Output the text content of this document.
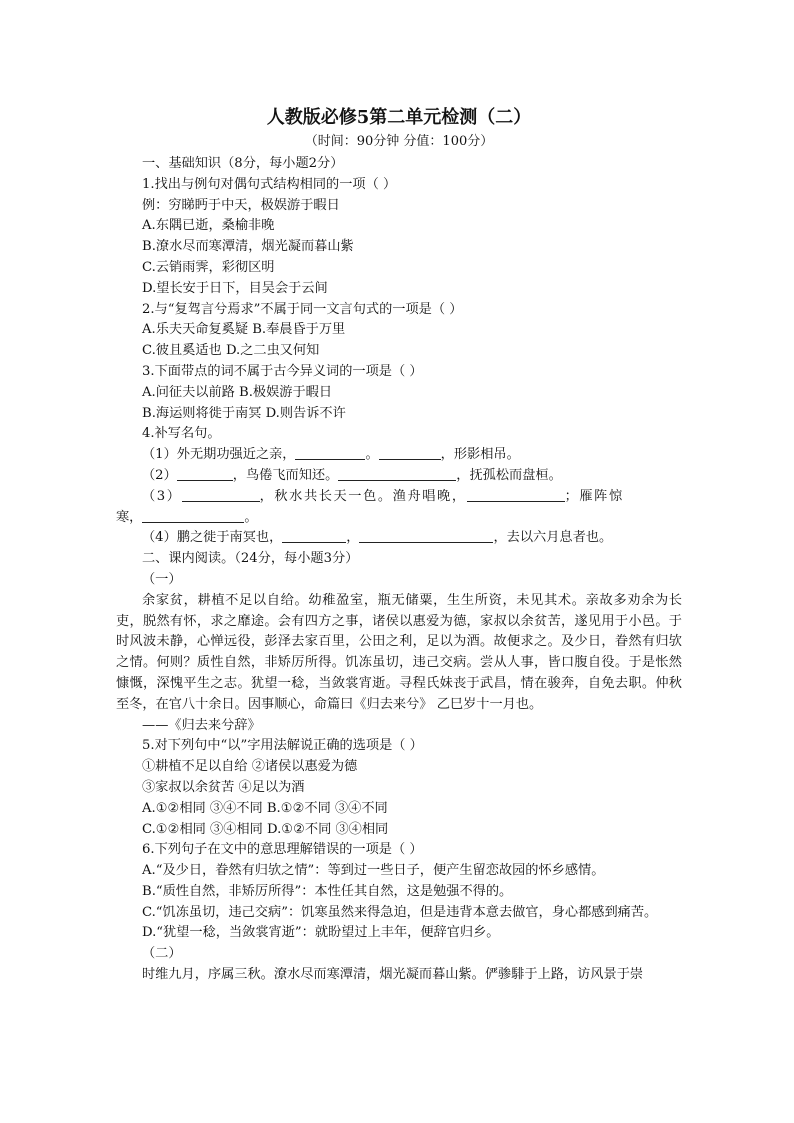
人教版必修5第二单元检测（二）
（时间：90分钟 分值：100分）
一、基础知识（8分，每小题2分）
1.找出与例句对偶句式结构相同的一项（ ）
例：穷睇眄于中天，极娱游于暇日
A.东隅已逝，桑榆非晚
B.潦水尽而寒潭清，烟光凝而暮山紫
C.云销雨霁，彩彻区明
D.望长安于日下，目吴会于云间
2.与“复驾言兮焉求”不属于同一文言句式的一项是（ ）
A.乐夫天命复奚疑 B.奉晨昏于万里
C.彼且奚适也 D.之二虫又何知
3.下面带点的词不属于古今异义词的一项是（ ）
A.问征夫以前路 B.极娱游于暇日
B.海运则将徙于南冥 D.则告诉不许
4.补写名句。
（1）外无期功强近之亲，	。	，形影相吊。
（2）	，鸟倦飞而知还。	，抚孤松而盘桓。
（3）	，秋水共长天一色。渔舟唱晚，	；雁阵惊
寒，	。
（4）鹏之徙于南冥也，	，	，去以六月息者也。
二、课内阅读。（24分，每小题3分）
（一）
余家贫，耕植不足以自给。幼稚盈室，瓶无储粟，生生所资，未见其术。亲故多劝余为长吏，脱然有怀，求之靡途。会有四方之事，诸侯以惠爱为德，家叔以余贫苦，遂见用于小邑。于时风波未静，心惮远役，彭泽去家百里，公田之利，足以为酒。故便求之。及少日，眷然有归欤之情。何则？质性自然，非矫厉所得。饥冻虽切，违己交病。尝从人事，皆口腹自役。于是怅然慷慨，深愧平生之志。犹望一稔，当敛裳宵逝。寻程氏妹丧于武昌，情在骏奔，自免去职。仲秋至冬，在官八十余日。因事顺心，命篇曰《归去来兮》 乙巳岁十一月也。
——《归去来兮辞》
5.对下列句中“以”字用法解说正确的选项是（ ）
①耕植不足以自给 ②诸侯以惠爱为德
③家叔以余贫苦 ④足以为酒
A.①②相同 ③④不同 B.①②不同 ③④不同
C.①②相同 ③④相同 D.①②不同 ③④相同
6.下列句子在文中的意思理解错误的一项是（ ）
A.“及少日，眷然有归欤之情”：等到过一些日子，便产生留恋故园的怀乡感情。
B.“质性自然，非矫厉所得”：本性任其自然，这是勉强不得的。
C.“饥冻虽切，违己交病”：饥寒虽然来得急迫，但是违背本意去做官，身心都感到痛苦。
D.“犹望一稔，当敛裳宵逝”：就盼望过上丰年，便辞官归乡。
（二）
时维九月，序属三秋。潦水尽而寒潭清，烟光凝而暮山紫。俨骖騑于上路，访风景于崇
